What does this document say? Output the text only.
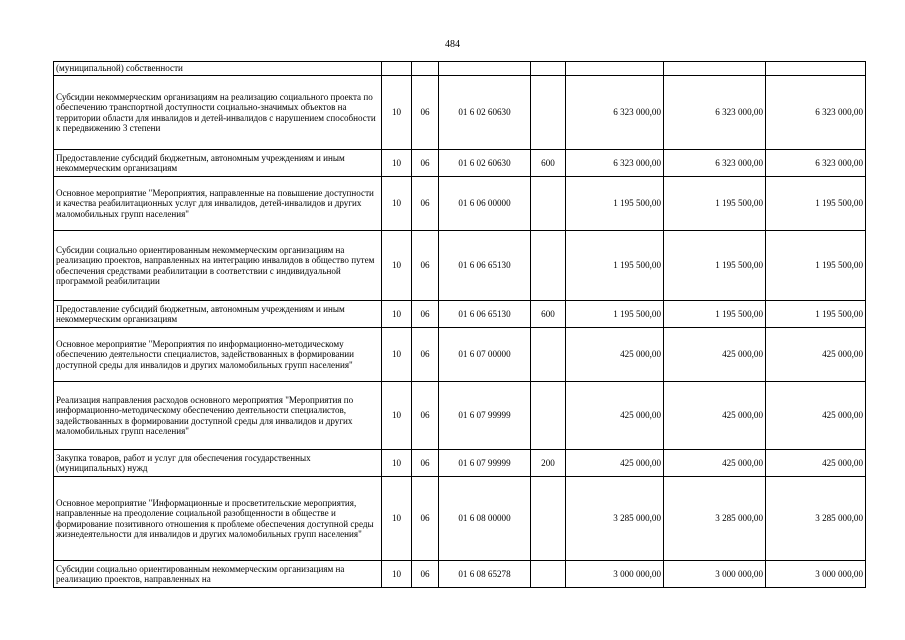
484
(муниципальной) собственности							
Субсидии некоммерческим организациям на реализацию социального проекта по обеспечению транспортной доступности социально-значимых объектов на территории области для инвалидов и детей-инвалидов с нарушением способности к передвижению 3 степени	10	06	01 6 02 60630		6 323 000,00	6 323 000,00	6 323 000,00
Предоставление субсидий бюджетным, автономным учреждениям и иным некоммерческим организациям	10	06	01 6 02 60630	600	6 323 000,00	6 323 000,00	6 323 000,00
Основное мероприятие "Мероприятия, направленные на повышение доступности и качества реабилитационных услуг для инвалидов, детей-инвалидов и других маломобильных групп населения"	10	06	01 6 06 00000		1 195 500,00	1 195 500,00	1 195 500,00
Субсидии социально ориентированным некоммерческим организациям на реализацию проектов, направленных на интеграцию инвалидов в общество путем обеспечения средствами реабилитации в соответствии с индивидуальной программой реабилитации	10	06	01 6 06 65130		1 195 500,00	1 195 500,00	1 195 500,00
Предоставление субсидий бюджетным, автономным учреждениям и иным некоммерческим организациям	10	06	01 6 06 65130	600	1 195 500,00	1 195 500,00	1 195 500,00
Основное мероприятие "Мероприятия по информационно-методическому обеспечению деятельности специалистов, задействованных в формировании доступной среды для инвалидов и других маломобильных групп населения"	10	06	01 6 07 00000		425 000,00	425 000,00	425 000,00
Реализация направления расходов основного мероприятия "Мероприятия по информационно-методическому обеспечению деятельности специалистов, задействованных в формировании доступной среды для инвалидов и других маломобильных групп населения"	10	06	01 6 07 99999		425 000,00	425 000,00	425 000,00
Закупка товаров, работ и услуг для обеспечения государственных (муниципальных) нужд	10	06	01 6 07 99999	200	425 000,00	425 000,00	425 000,00
Основное мероприятие "Информационные и просветительские мероприятия, направленные на преодоление социальной разобщенности в обществе и формирование позитивного отношения к проблеме обеспечения доступной среды жизнедеятельности для инвалидов и других маломобильных групп населения"	10	06	01 6 08 00000		3 285 000,00	3 285 000,00	3 285 000,00
Субсидии социально ориентированным некоммерческим организациям на реализацию проектов, направленных на	10	06	01 6 08 65278		3 000 000,00	3 000 000,00	3 000 000,00
